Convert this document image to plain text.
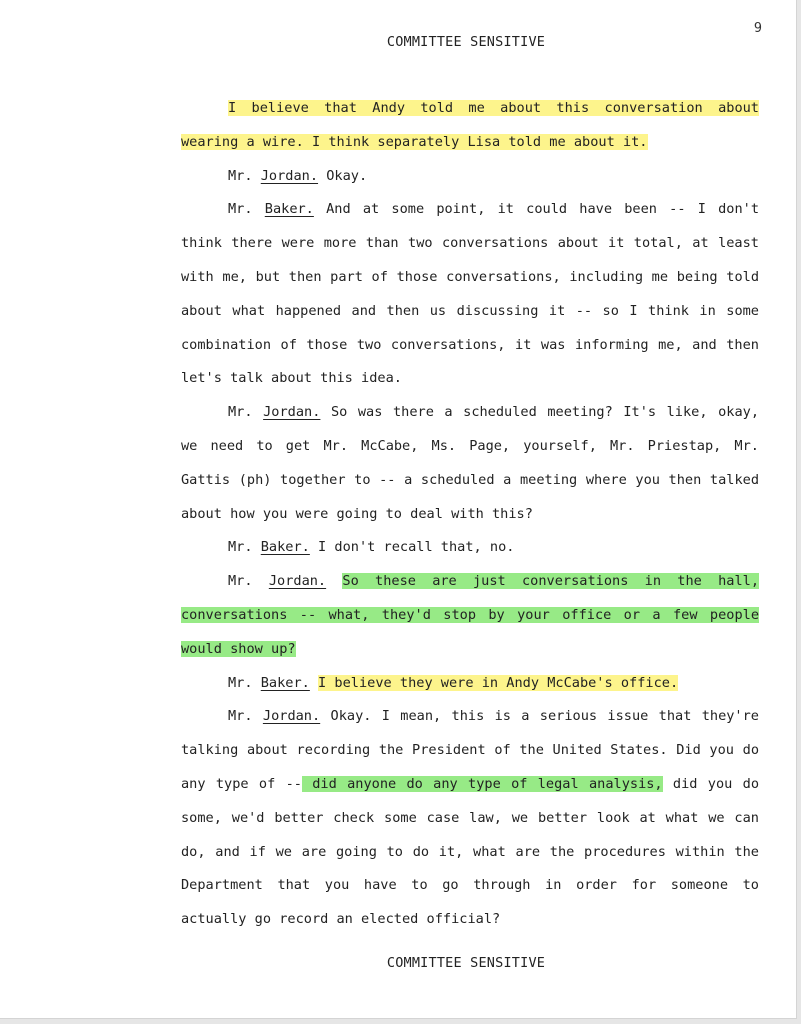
9
COMMITTEE SENSITIVE

I believe that Andy told me about this conversation about wearing a wire. I think separately Lisa told me about it.

Mr. Jordan. Okay.

Mr. Baker. And at some point, it could have been -- I don't think there were more than two conversations about it total, at least with me, but then part of those conversations, including me being told about what happened and then us discussing it -- so I think in some combination of those two conversations, it was informing me, and then let's talk about this idea.

Mr. Jordan. So was there a scheduled meeting? It's like, okay, we need to get Mr. McCabe, Ms. Page, yourself, Mr. Priestap, Mr. Gattis (ph) together to -- a scheduled a meeting where you then talked about how you were going to deal with this?

Mr. Baker. I don't recall that, no.

Mr. Jordan. So these are just conversations in the hall, conversations -- what, they'd stop by your office or a few people would show up?

Mr. Baker. I believe they were in Andy McCabe's office.

Mr. Jordan. Okay. I mean, this is a serious issue that they're talking about recording the President of the United States. Did you do any type of -- did anyone do any type of legal analysis, did you do some, we'd better check some case law, we better look at what we can do, and if we are going to do it, what are the procedures within the Department that you have to go through in order for someone to actually go record an elected official?

COMMITTEE SENSITIVE
